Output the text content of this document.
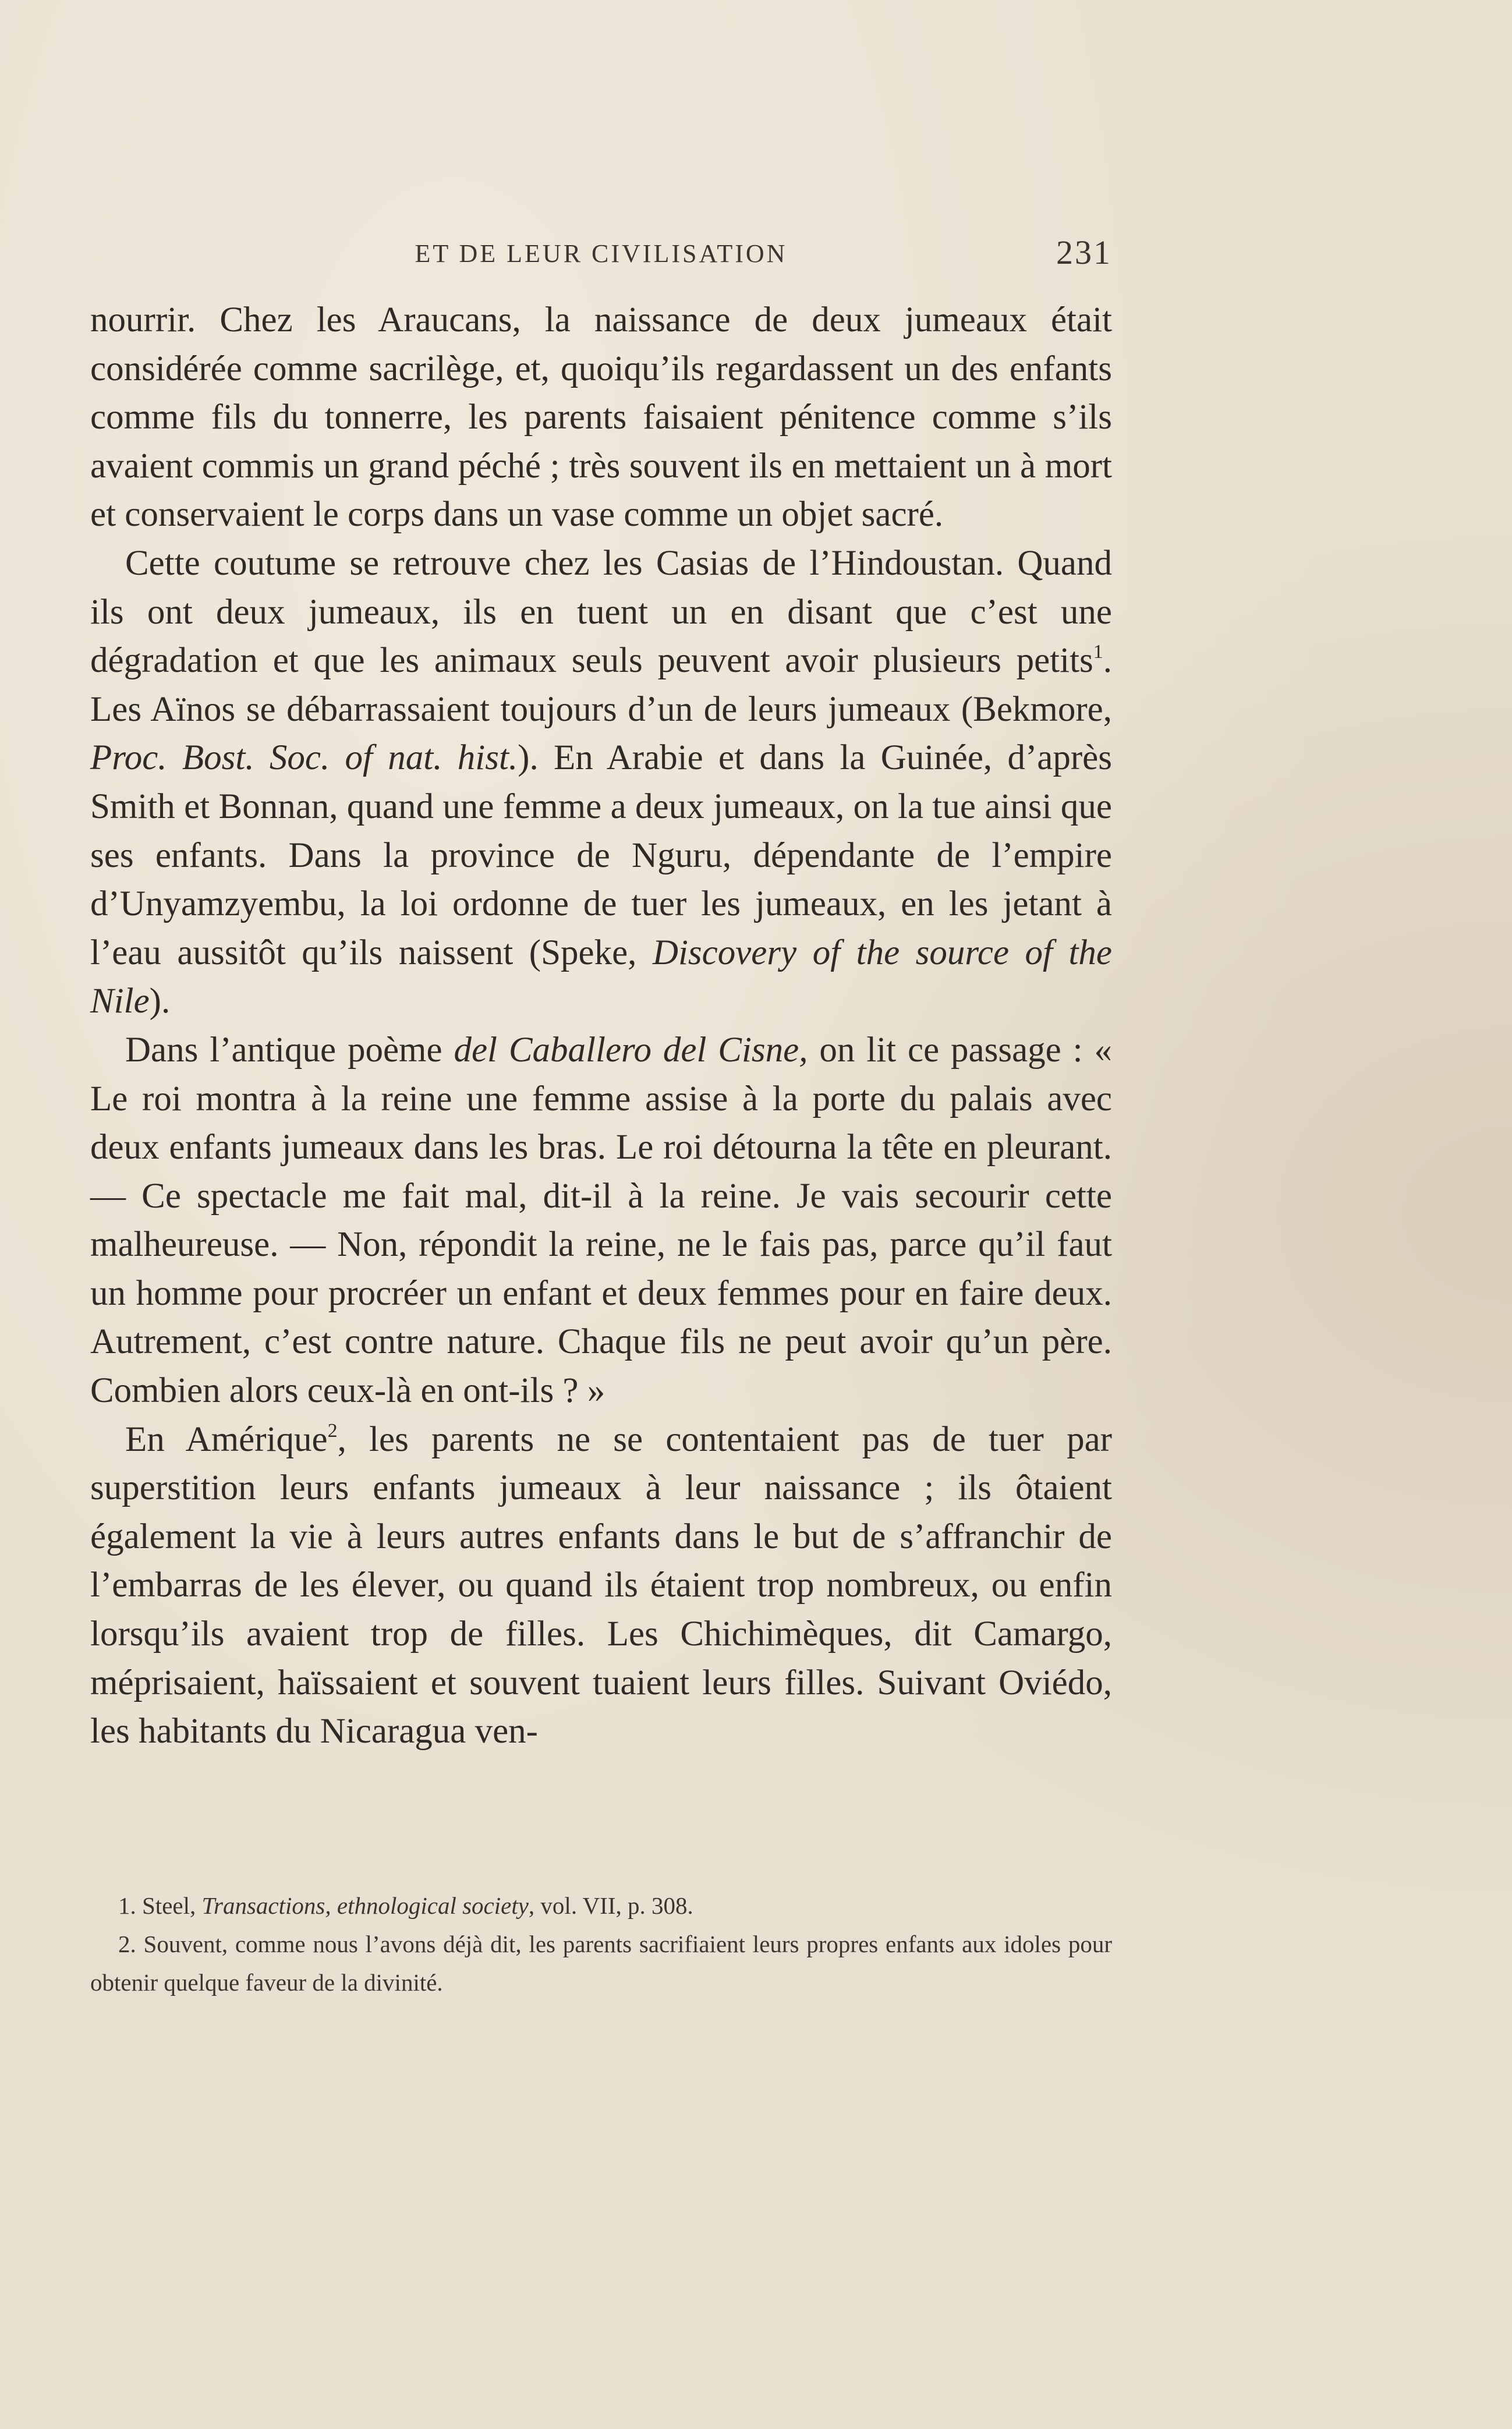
ET DE LEUR CIVILISATION	231

nourrir. Chez les Araucans, la naissance de deux jumeaux était considérée comme sacrilège, et, quoiqu’ils regardassent un des enfants comme fils du tonnerre, les parents faisaient pénitence comme s’ils avaient commis un grand péché ; très souvent ils en mettaient un à mort et conservaient le corps dans un vase comme un objet sacré.

Cette coutume se retrouve chez les Casias de l’Hindoustan. Quand ils ont deux jumeaux, ils en tuent un en disant que c’est une dégradation et que les animaux seuls peuvent avoir plusieurs petits$^1$. Les Aïnos se débarrassaient toujours d’un de leurs jumeaux (Bekmore, Proc. Bost. Soc. of nat. hist.). En Arabie et dans la Guinée, d’après Smith et Bonnan, quand une femme a deux jumeaux, on la tue ainsi que ses enfants. Dans la province de Nguru, dépendante de l’empire d’Unyamzyembu, la loi ordonne de tuer les jumeaux, en les jetant à l’eau aussitôt qu’ils naissent (Speke, Discovery of the source of the Nile).

Dans l’antique poème del Caballero del Cisne, on lit ce passage : « Le roi montra à la reine une femme assise à la porte du palais avec deux enfants jumeaux dans les bras. Le roi détourna la tête en pleurant. — Ce spectacle me fait mal, dit-il à la reine. Je vais secourir cette malheureuse. — Non, répondit la reine, ne le fais pas, parce qu’il faut un homme pour procréer un enfant et deux femmes pour en faire deux. Autrement, c’est contre nature. Chaque fils ne peut avoir qu’un père. Combien alors ceux-là en ont-ils ? »

En Amérique$^2$, les parents ne se contentaient pas de tuer par superstition leurs enfants jumeaux à leur naissance ; ils ôtaient également la vie à leurs autres enfants dans le but de s’affranchir de l’embarras de les élever, ou quand ils étaient trop nombreux, ou enfin lorsqu’ils avaient trop de filles. Les Chichimèques, dit Camargo, méprisaient, haïssaient et souvent tuaient leurs filles. Suivant Oviédo, les habitants du Nicaragua ven-

1. Steel, Transactions, ethnological society, vol. VII, p. 308.

2. Souvent, comme nous l’avons déjà dit, les parents sacrifiaient leurs propres enfants aux idoles pour obtenir quelque faveur de la divinité.
